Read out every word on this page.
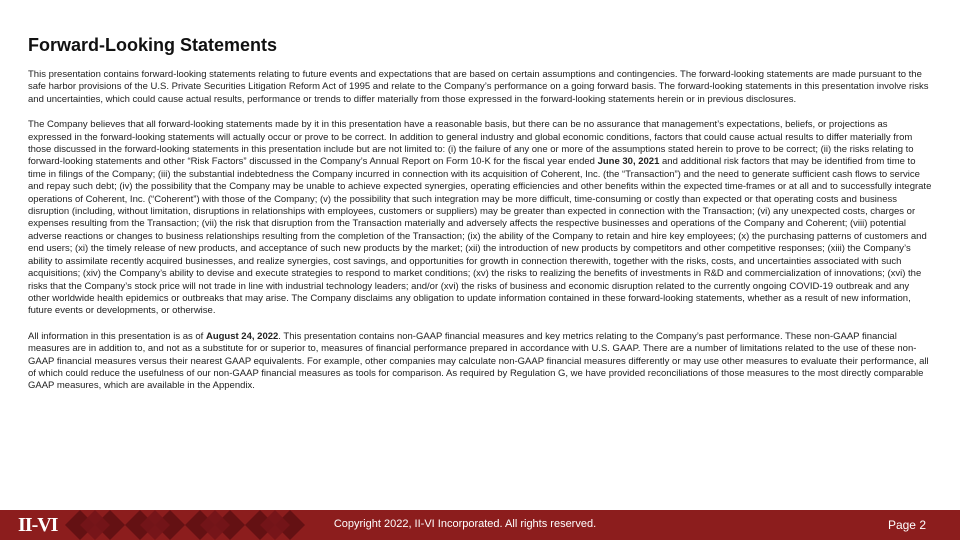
Forward-Looking Statements

This presentation contains forward-looking statements relating to future events and expectations that are based on certain assumptions and contingencies. The forward-looking statements are made pursuant to the safe harbor provisions of the U.S. Private Securities Litigation Reform Act of 1995 and relate to the Company’s performance on a going forward basis. The forward-looking statements in this presentation involve risks and uncertainties, which could cause actual results, performance or trends to differ materially from those expressed in the forward-looking statements herein or in previous disclosures.

The Company believes that all forward-looking statements made by it in this presentation have a reasonable basis, but there can be no assurance that management’s expectations, beliefs, or projections as expressed in the forward-looking statements will actually occur or prove to be correct. In addition to general industry and global economic conditions, factors that could cause actual results to differ materially from those discussed in the forward-looking statements in this presentation include but are not limited to: (i) the failure of any one or more of the assumptions stated herein to prove to be correct; (ii) the risks relating to forward-looking statements and other “Risk Factors” discussed in the Company’s Annual Report on Form 10-K for the fiscal year ended June 30, 2021 and additional risk factors that may be identified from time to time in filings of the Company; (iii) the substantial indebtedness the Company incurred in connection with its acquisition of Coherent, Inc. (the “Transaction”) and the need to generate sufficient cash flows to service and repay such debt; (iv) the possibility that the Company may be unable to achieve expected synergies, operating efficiencies and other benefits within the expected time-frames or at all and to successfully integrate operations of Coherent, Inc. (“Coherent”) with those of the Company; (v) the possibility that such integration may be more difficult, time-consuming or costly than expected or that operating costs and business disruption (including, without limitation, disruptions in relationships with employees, customers or suppliers) may be greater than expected in connection with the Transaction; (vi) any unexpected costs, charges or expenses resulting from the Transaction; (vii) the risk that disruption from the Transaction materially and adversely affects the respective businesses and operations of the Company and Coherent; (viii) potential adverse reactions or changes to business relationships resulting from the completion of the Transaction; (ix) the ability of the Company to retain and hire key employees; (x) the purchasing patterns of customers and end users; (xi) the timely release of new products, and acceptance of such new products by the market; (xii) the introduction of new products by competitors and other competitive responses; (xiii) the Company’s ability to assimilate recently acquired businesses, and realize synergies, cost savings, and opportunities for growth in connection therewith, together with the risks, costs, and uncertainties associated with such acquisitions; (xiv) the Company’s ability to devise and execute strategies to respond to market conditions; (xv) the risks to realizing the benefits of investments in R&D and commercialization of innovations; (xvi) the risks that the Company’s stock price will not trade in line with industrial technology leaders; and/or (xvi) the risks of business and economic disruption related to the currently ongoing COVID-19 outbreak and any other worldwide health epidemics or outbreaks that may arise. The Company disclaims any obligation to update information contained in these forward-looking statements, whether as a result of new information, future events or developments, or otherwise.

All information in this presentation is as of August 24, 2022. This presentation contains non-GAAP financial measures and key metrics relating to the Company’s past performance. These non-GAAP financial measures are in addition to, and not as a substitute for or superior to, measures of financial performance prepared in accordance with U.S. GAAP. There are a number of limitations related to the use of these non-GAAP financial measures versus their nearest GAAP equivalents. For example, other companies may calculate non-GAAP financial measures differently or may use other measures to evaluate their performance, all of which could reduce the usefulness of our non-GAAP financial measures as tools for comparison. As required by Regulation G, we have provided reconciliations of those measures to the most directly comparable GAAP measures, which are available in the Appendix.

II-VI	Copyright 2022, II-VI Incorporated. All rights reserved.	Page 2
